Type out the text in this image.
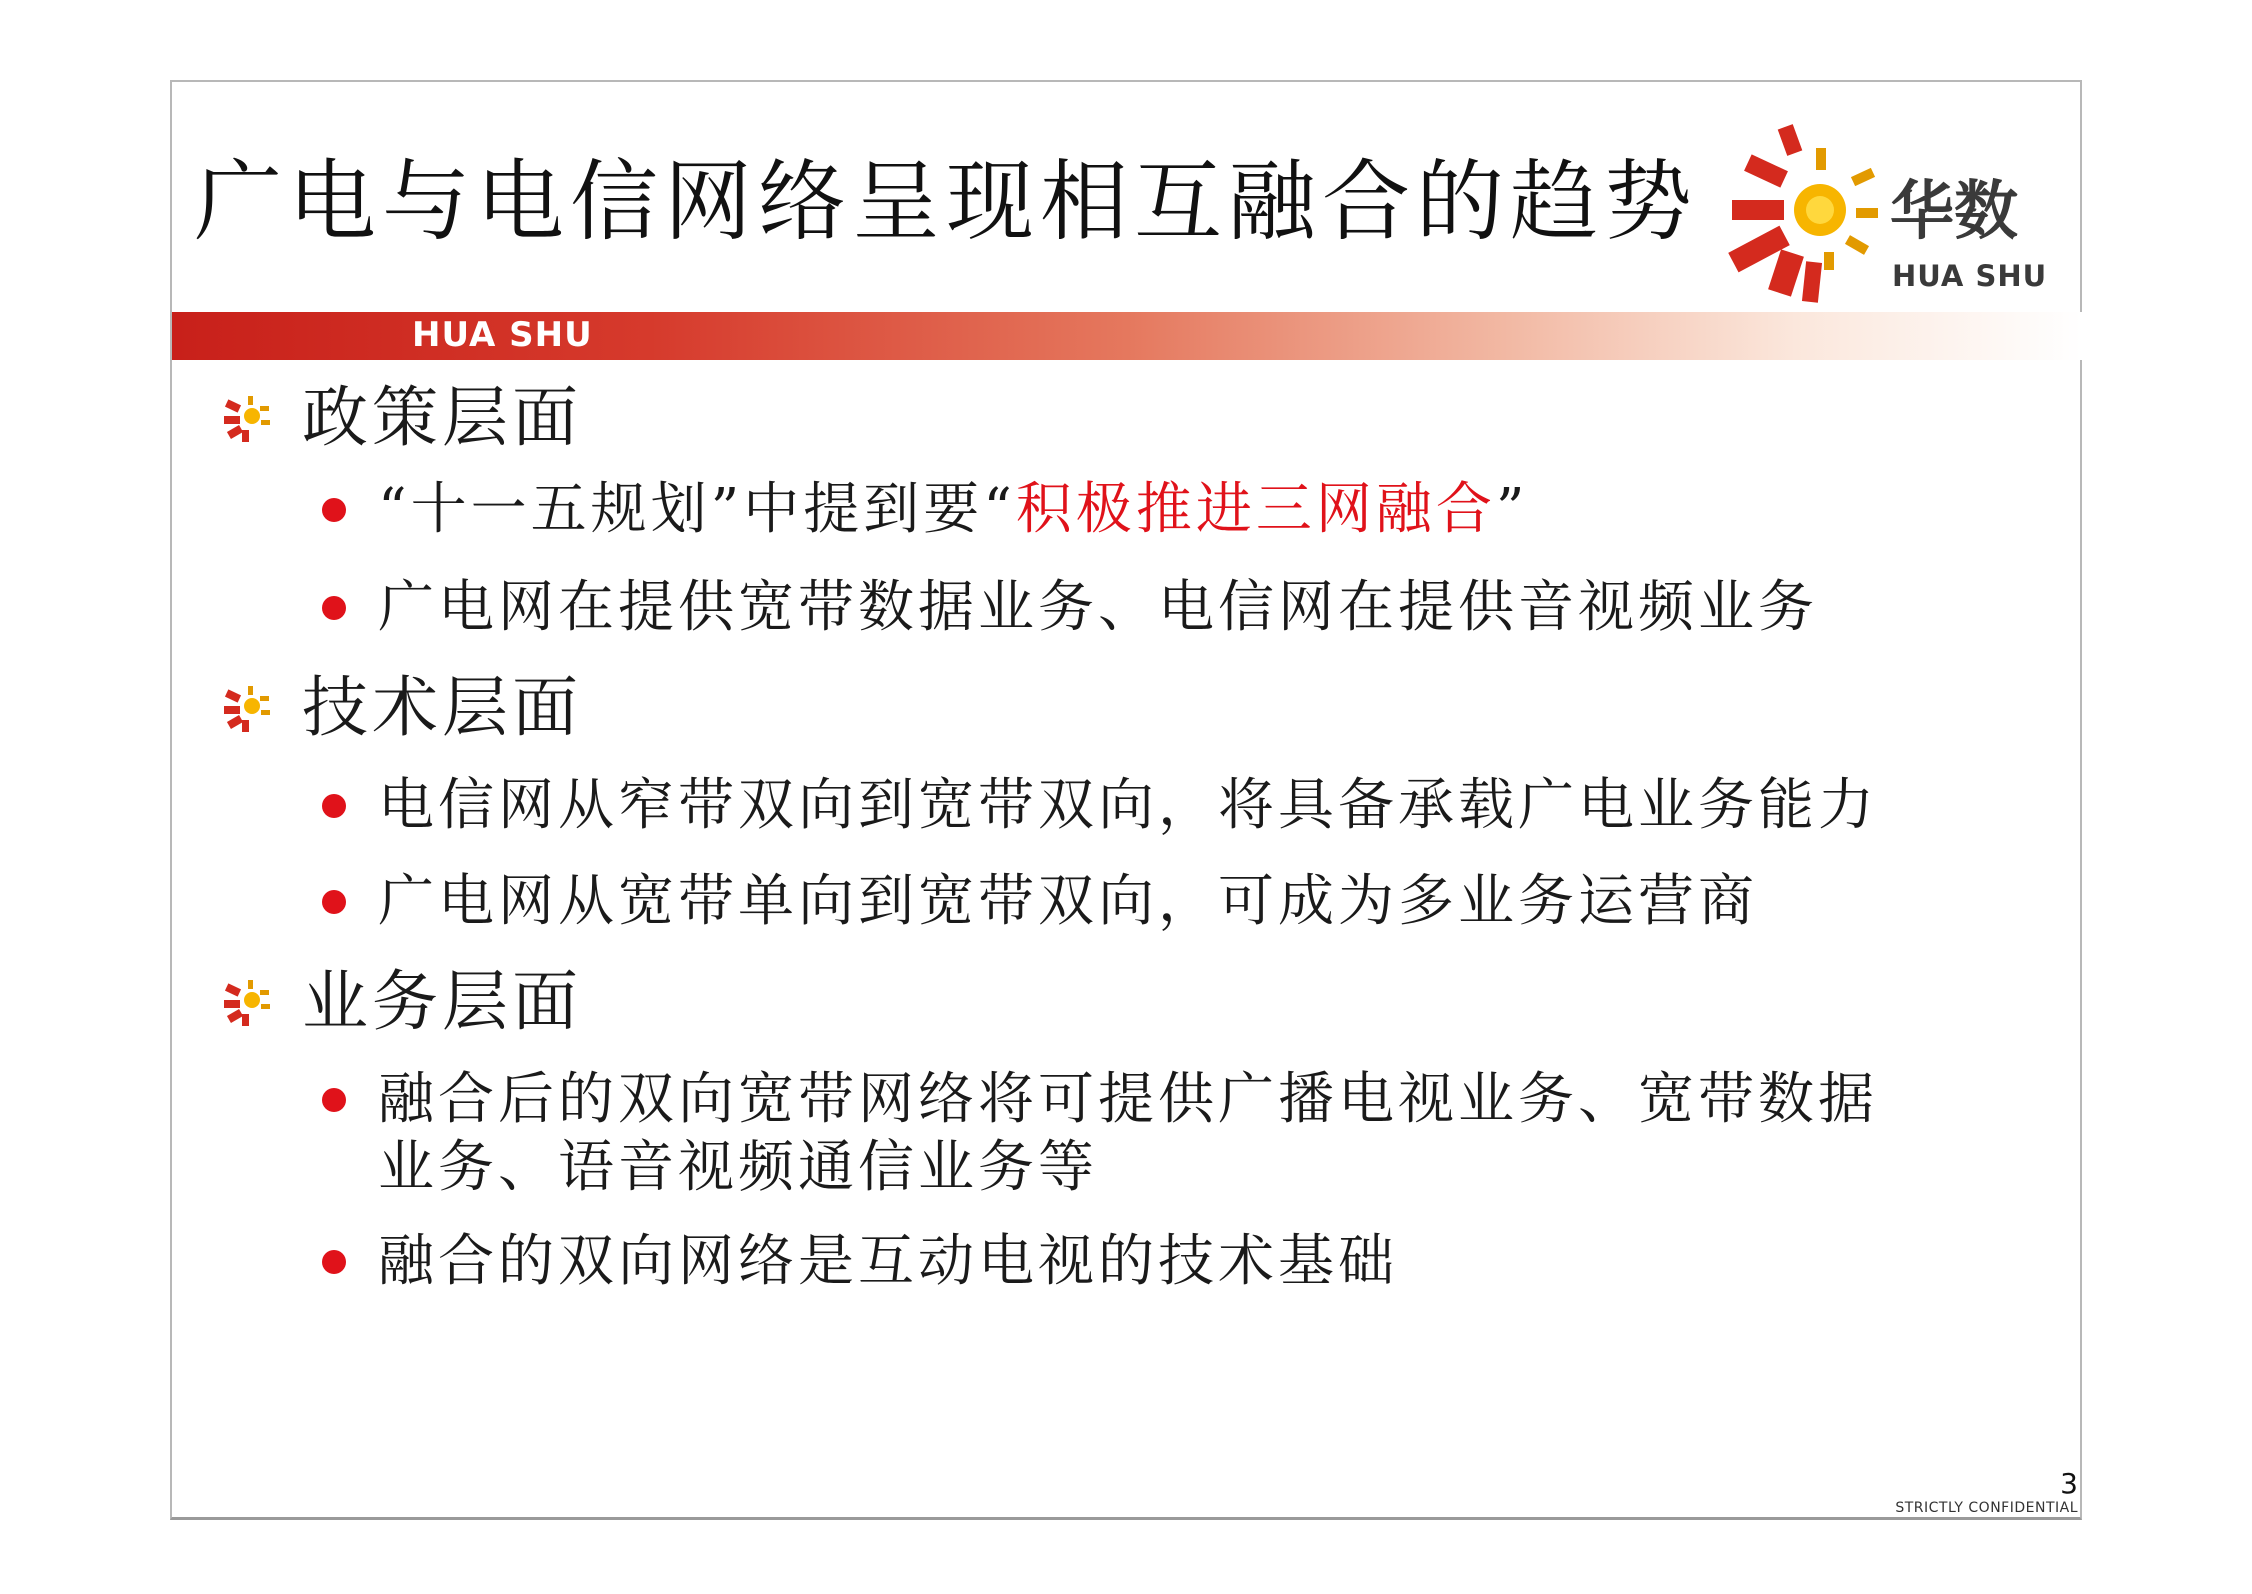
广电与电信网络呈现相互融合的趋势	华数
HUA SHU
HUA SHU
政策层面
“十一五规划”中提到要“积极推进三网融合”
广电网在提供宽带数据业务、电信网在提供音视频业务
技术层面
电信网从窄带双向到宽带双向，将具备承载广电业务能力
广电网从宽带单向到宽带双向，可成为多业务运营商
业务层面
融合后的双向宽带网络将可提供广播电视业务、宽带数据
业务、语音视频通信业务等
融合的双向网络是互动电视的技术基础
3
STRICTLY CONFIDENTIAL
